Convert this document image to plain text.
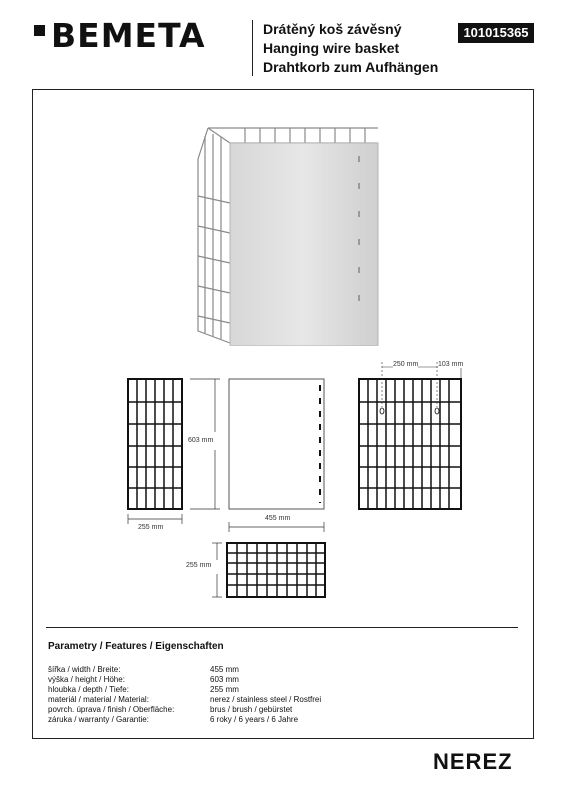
BEMETA	Drátěný koš závěsný
Hanging wire basket
Drahtkorb zum Aufhängen
101015365
603 mm
255 mm
455 mm
255 mm
250 mm	103 mm
Parametry / Features / Eigenschaften
šířka / width / Breite:	455 mm
výška / height / Höhe:	603 mm
hloubka / depth / Tiefe:	255 mm
materiál / material / Material:	nerez / stainless steel / Rostfrei
povrch. úprava / finish / Oberfläche:	brus / brush / gebürstet
záruka / warranty / Garantie:	6 roky / 6 years / 6 Jahre
NEREZ
